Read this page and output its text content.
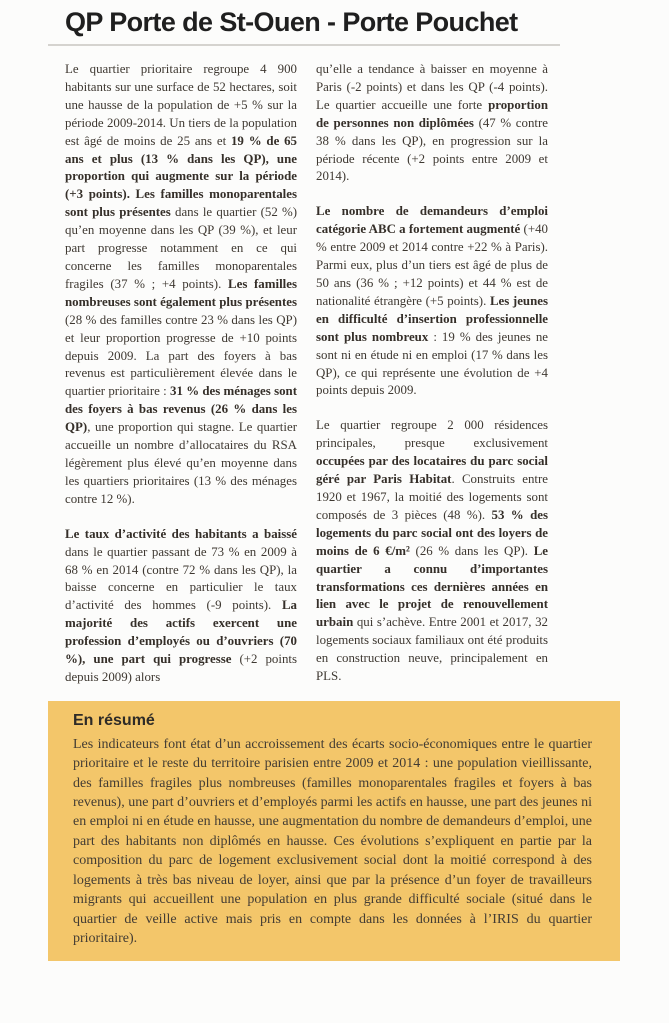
QP Porte de St-Ouen - Porte Pouchet

Le quartier prioritaire regroupe 4 900 habitants sur une surface de 52 hectares, soit une hausse de la population de +5 % sur la période 2009-2014. Un tiers de la population est âgé de moins de 25 ans et 19 % de 65 ans et plus (13 % dans les QP), une proportion qui augmente sur la période (+3 points). Les familles monoparentales sont plus présentes dans le quartier (52 %) qu’en moyenne dans les QP (39 %), et leur part progresse notamment en ce qui concerne les familles monoparentales fragiles (37 % ; +4 points). Les familles nombreuses sont également plus présentes (28 % des familles contre 23 % dans les QP) et leur proportion progresse de +10 points depuis 2009. La part des foyers à bas revenus est particulièrement élevée dans le quartier prioritaire : 31 % des ménages sont des foyers à bas revenus (26 % dans les QP), une proportion qui stagne. Le quartier accueille un nombre d’allocataires du RSA légèrement plus élevé qu’en moyenne dans les quartiers prioritaires (13 % des ménages contre 12 %).

Le taux d’activité des habitants a baissé dans le quartier passant de 73 % en 2009 à 68 % en 2014 (contre 72 % dans les QP), la baisse concerne en particulier le taux d’activité des hommes (-9 points). La majorité des actifs exercent une profession d’employés ou d’ouvriers (70 %), une part qui progresse (+2 points depuis 2009) alors

qu’elle a tendance à baisser en moyenne à Paris (-2 points) et dans les QP (-4 points). Le quartier accueille une forte proportion de personnes non diplômées (47 % contre 38 % dans les QP), en progression sur la période récente (+2 points entre 2009 et 2014).

Le nombre de demandeurs d’emploi catégorie ABC a fortement augmenté (+40 % entre 2009 et 2014 contre +22 % à Paris). Parmi eux, plus d’un tiers est âgé de plus de 50 ans (36 % ; +12 points) et 44 % est de nationalité étrangère (+5 points). Les jeunes en difficulté d’insertion professionnelle sont plus nombreux : 19 % des jeunes ne sont ni en étude ni en emploi (17 % dans les QP), ce qui représente une évolution de +4 points depuis 2009.

Le quartier regroupe 2 000 résidences principales, presque exclusivement occupées par des locataires du parc social géré par Paris Habitat. Construits entre 1920 et 1967, la moitié des logements sont composés de 3 pièces (48 %). 53 % des logements du parc social ont des loyers de moins de 6 €/m² (26 % dans les QP). Le quartier a connu d’importantes transformations ces dernières années en lien avec le projet de renouvellement urbain qui s’achève. Entre 2001 et 2017, 32 logements sociaux familiaux ont été produits en construction neuve, principalement en PLS.

En résumé

Les indicateurs font état d’un accroissement des écarts socio-économiques entre le quartier prioritaire et le reste du territoire parisien entre 2009 et 2014 : une population vieillissante, des familles fragiles plus nombreuses (familles monoparentales fragiles et foyers à bas revenus), une part d’ouvriers et d’employés parmi les actifs en hausse, une part des jeunes ni en emploi ni en étude en hausse, une augmentation du nombre de demandeurs d’emploi, une part des habitants non diplômés en hausse. Ces évolutions s’expliquent en partie par la composition du parc de logement exclusivement social dont la moitié correspond à des logements à très bas niveau de loyer, ainsi que par la présence d’un foyer de travailleurs migrants qui accueillent une population en plus grande difficulté sociale (situé dans le quartier de veille active mais pris en compte dans les données à l’IRIS du quartier prioritaire).
